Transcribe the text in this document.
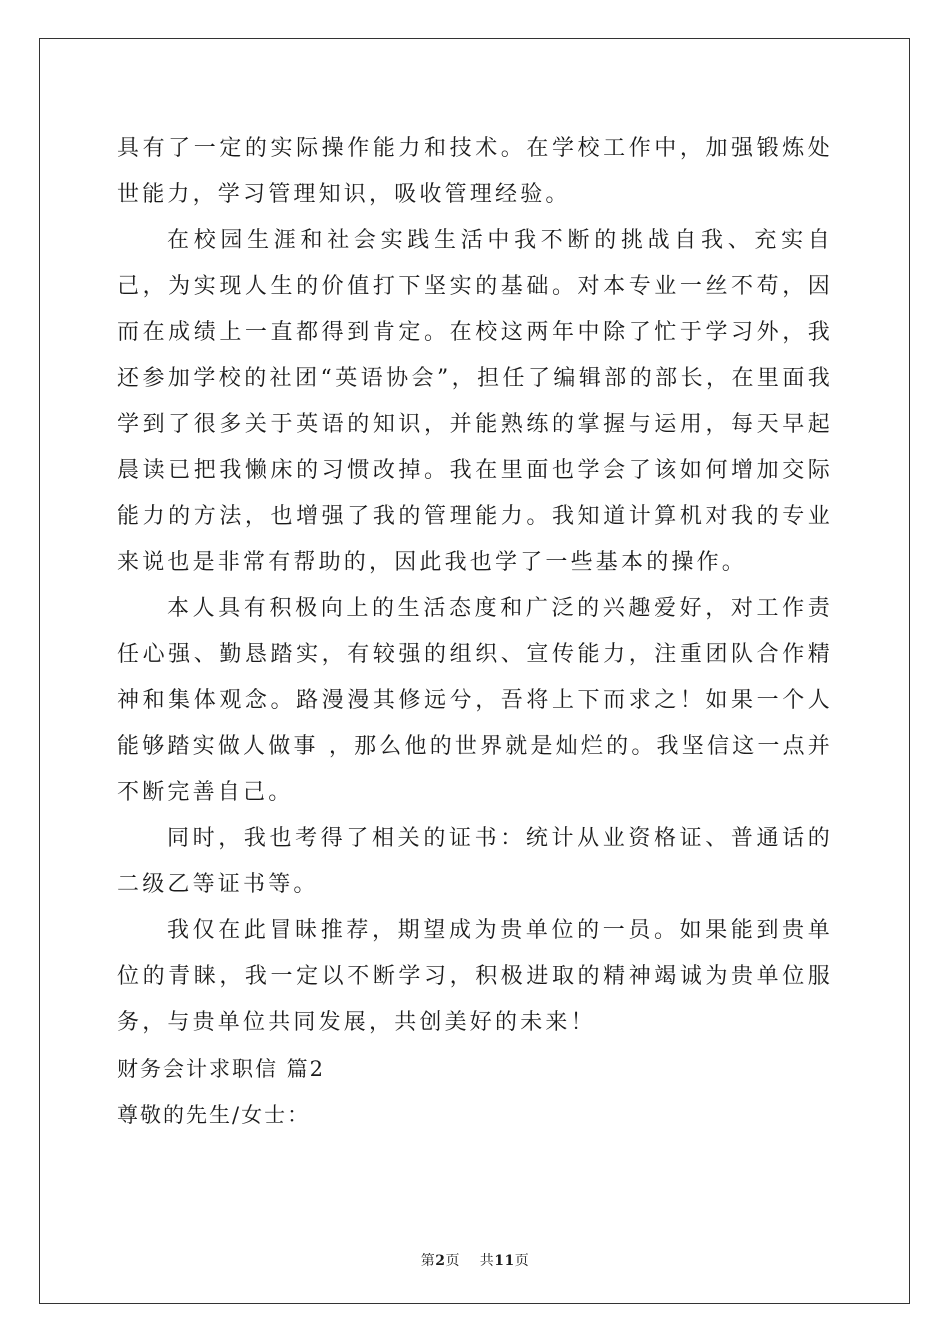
具有了一定的实际操作能力和技术。在学校工作中，加强锻炼处世能力，学习管理知识，吸收管理经验。

在校园生涯和社会实践生活中我不断的挑战自我、充实自己，为实现人生的价值打下坚实的基础。对本专业一丝不苟，因而在成绩上一直都得到肯定。在校这两年中除了忙于学习外，我还参加学校的社团“英语协会”，担任了编辑部的部长，在里面我学到了很多关于英语的知识，并能熟练的掌握与运用，每天早起晨读已把我懒床的习惯改掉。我在里面也学会了该如何增加交际能力的方法，也增强了我的管理能力。我知道计算机对我的专业来说也是非常有帮助的，因此我也学了一些基本的操作。

本人具有积极向上的生活态度和广泛的兴趣爱好，对工作责任心强、勤恳踏实，有较强的组织、宣传能力，注重团队合作精神和集体观念。路漫漫其修远兮，吾将上下而求之！如果一个人能够踏实做人做事 ，那么他的世界就是灿烂的。我坚信这一点并不断完善自己。

同时，我也考得了相关的证书：统计从业资格证、普通话的二级乙等证书等。

我仅在此冒昧推荐，期望成为贵单位的一员。如果能到贵单位的青睐，我一定以不断学习，积极进取的精神竭诚为贵单位服务，与贵单位共同发展，共创美好的未来！

财务会计求职信 篇2

尊敬的先生/女士：

第2页 共11页
